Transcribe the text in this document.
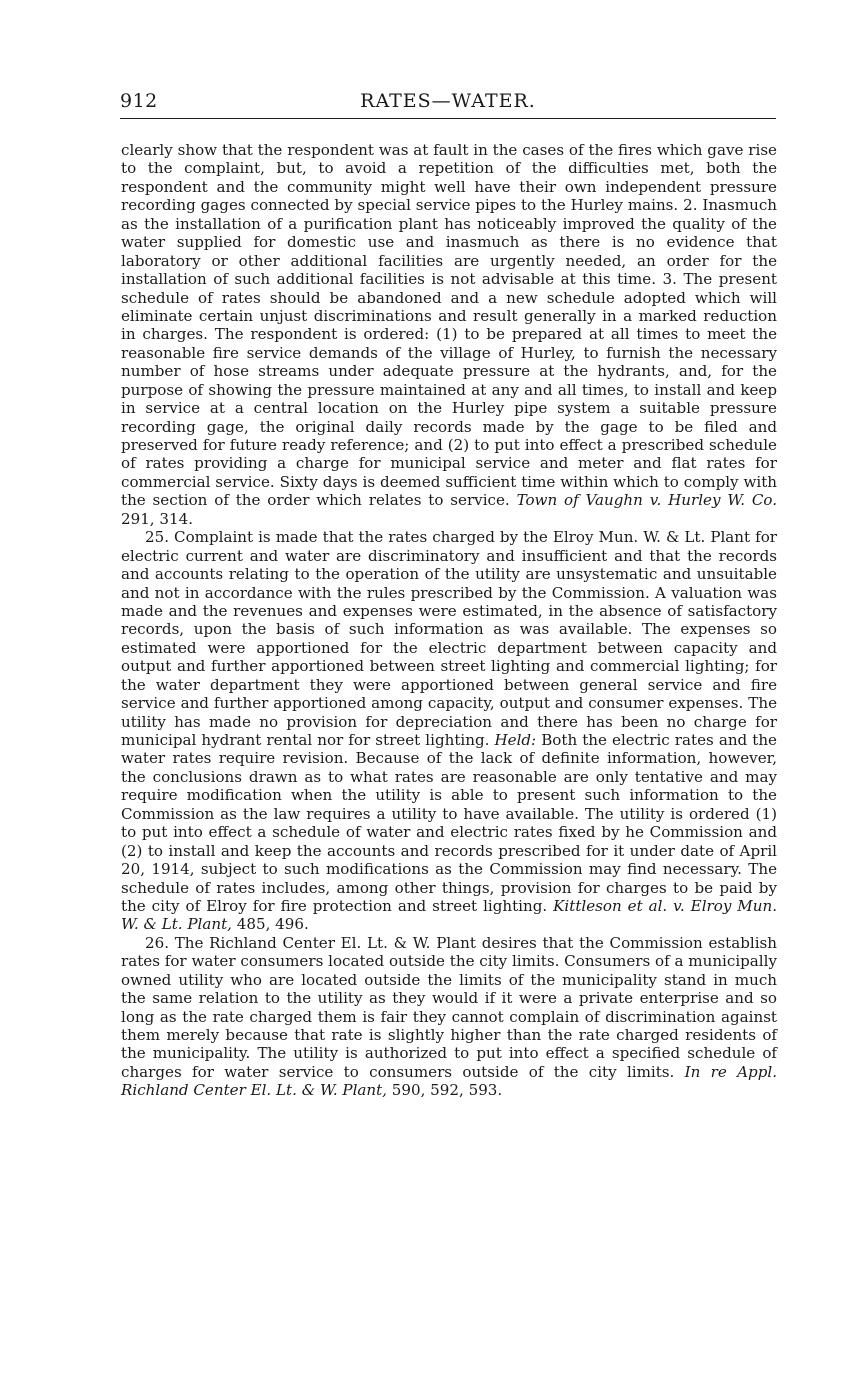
912	RATES—WATER.

clearly show that the respondent was at fault in the cases of the fires which gave rise to the complaint, but, to avoid a repetition of the difficulties met, both the respondent and the community might well have their own independent pressure recording gages connected by special service pipes to the Hurley mains. 2. Inasmuch as the installation of a purification plant has noticeably improved the quality of the water supplied for domestic use and inasmuch as there is no evidence that laboratory or other additional facilities are urgently needed, an order for the installation of such additional facilities is not advisable at this time. 3. The present schedule of rates should be abandoned and a new schedule adopted which will eliminate certain unjust discriminations and result generally in a marked reduction in charges. The respondent is ordered: (1) to be prepared at all times to meet the reasonable fire service demands of the village of Hurley, to furnish the necessary number of hose streams under adequate pressure at the hydrants, and, for the purpose of showing the pressure maintained at any and all times, to install and keep in service at a central location on the Hurley pipe system a suitable pressure recording gage, the original daily records made by the gage to be filed and preserved for future ready reference; and (2) to put into effect a prescribed schedule of rates providing a charge for municipal service and meter and flat rates for commercial service. Sixty days is deemed sufficient time within which to comply with the section of the order which relates to service. Town of Vaughn v. Hurley W. Co. 291, 314.

25. Complaint is made that the rates charged by the Elroy Mun. W. & Lt. Plant for electric current and water are discriminatory and insufficient and that the records and accounts relating to the operation of the utility are unsystematic and unsuitable and not in accordance with the rules prescribed by the Commission. A valuation was made and the revenues and expenses were estimated, in the absence of satisfactory records, upon the basis of such information as was available. The expenses so estimated were apportioned for the electric department between capacity and output and further apportioned between street lighting and commercial lighting; for the water department they were apportioned between general service and fire service and further apportioned among capacity, output and consumer expenses. The utility has made no provision for depreciation and there has been no charge for municipal hydrant rental nor for street lighting. Held: Both the electric rates and the water rates require revision. Because of the lack of definite information, however, the conclusions drawn as to what rates are reasonable are only tentative and may require modification when the utility is able to present such information to the Commission as the law requires a utility to have available. The utility is ordered (1) to put into effect a schedule of water and electric rates fixed by he Commission and (2) to install and keep the accounts and records prescribed for it under date of April 20, 1914, subject to such modifications as the Commission may find necessary. The schedule of rates includes, among other things, provision for charges to be paid by the city of Elroy for fire protection and street lighting. Kittleson et al. v. Elroy Mun. W. & Lt. Plant, 485, 496.

26. The Richland Center El. Lt. & W. Plant desires that the Commission establish rates for water consumers located outside the city limits. Consumers of a municipally owned utility who are located outside the limits of the municipality stand in much the same relation to the utility as they would if it were a private enterprise and so long as the rate charged them is fair they cannot complain of discrimination against them merely because that rate is slightly higher than the rate charged residents of the municipality. The utility is authorized to put into effect a specified schedule of charges for water service to consumers outside of the city limits. In re Appl. Richland Center El. Lt. & W. Plant, 590, 592, 593.
